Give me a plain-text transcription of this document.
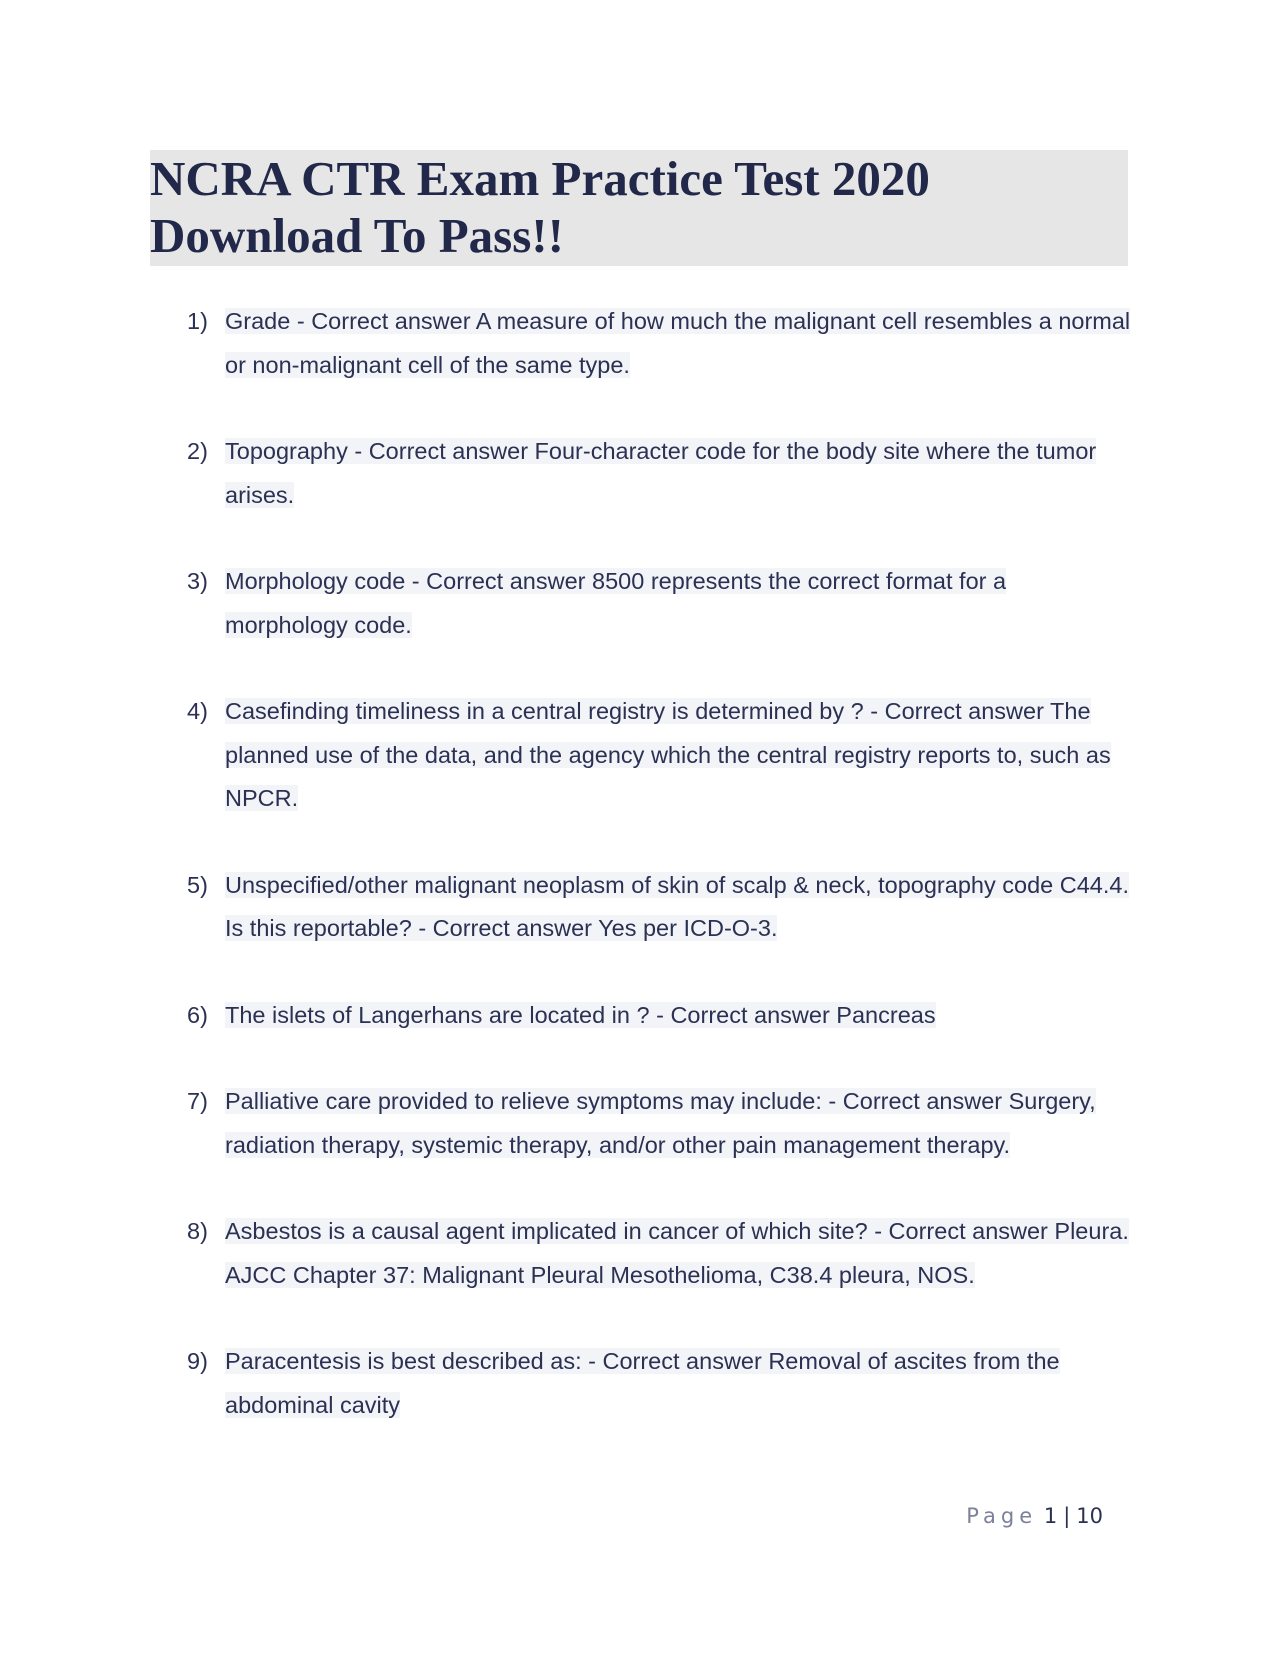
NCRA CTR Exam Practice Test 2020
Download To Pass!!
1) Grade - Correct answer A measure of how much the malignant cell resembles a normal or non-malignant cell of the same type.
2) Topography - Correct answer Four-character code for the body site where the tumor arises.
3) Morphology code - Correct answer 8500 represents the correct format for a morphology code.
4) Casefinding timeliness in a central registry is determined by ? - Correct answer The planned use of the data, and the agency which the central registry reports to, such as NPCR.
5) Unspecified/other malignant neoplasm of skin of scalp & neck, topography code C44.4. Is this reportable? - Correct answer Yes per ICD-O-3.
6) The islets of Langerhans are located in ? - Correct answer Pancreas
7) Palliative care provided to relieve symptoms may include: - Correct answer Surgery, radiation therapy, systemic therapy, and/or other pain management therapy.
8) Asbestos is a causal agent implicated in cancer of which site? - Correct answer Pleura. AJCC Chapter 37: Malignant Pleural Mesothelioma, C38.4 pleura, NOS.
9) Paracentesis is best described as: - Correct answer Removal of ascites from the abdominal cavity
Page 1 | 10
